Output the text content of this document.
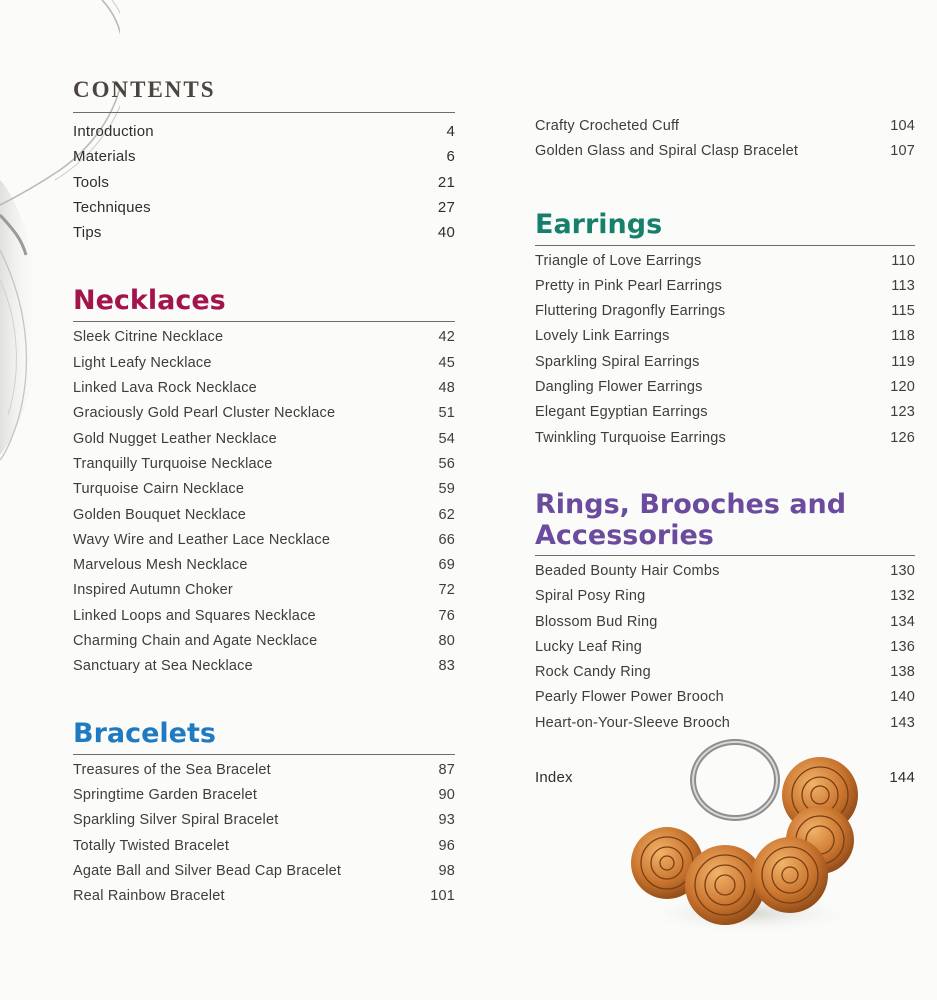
CONTENTS
Introduction	4
Materials	6
Tools	21
Techniques	27
Tips	40
Necklaces
Sleek Citrine Necklace	42
Light Leafy Necklace	45
Linked Lava Rock Necklace	48
Graciously Gold Pearl Cluster Necklace	51
Gold Nugget Leather Necklace	54
Tranquilly Turquoise Necklace	56
Turquoise Cairn Necklace	59
Golden Bouquet Necklace	62
Wavy Wire and Leather Lace Necklace	66
Marvelous Mesh Necklace	69
Inspired Autumn Choker	72
Linked Loops and Squares Necklace	76
Charming Chain and Agate Necklace	80
Sanctuary at Sea Necklace	83
Bracelets
Treasures of the Sea Bracelet	87
Springtime Garden Bracelet	90
Sparkling Silver Spiral Bracelet	93
Totally Twisted Bracelet	96
Agate Ball and Silver Bead Cap Bracelet	98
Real Rainbow Bracelet	101
Crafty Crocheted Cuff	104
Golden Glass and Spiral Clasp Bracelet	107
Earrings
Triangle of Love Earrings	110
Pretty in Pink Pearl Earrings	113
Fluttering Dragonfly Earrings	115
Lovely Link Earrings	118
Sparkling Spiral Earrings	119
Dangling Flower Earrings	120
Elegant Egyptian Earrings	123
Twinkling Turquoise Earrings	126
Rings, Brooches and
Accessories
Beaded Bounty Hair Combs	130
Spiral Posy Ring	132
Blossom Bud Ring	134
Lucky Leaf Ring	136
Rock Candy Ring	138
Pearly Flower Power Brooch	140
Heart-on-Your-Sleeve Brooch	143
Index	144
